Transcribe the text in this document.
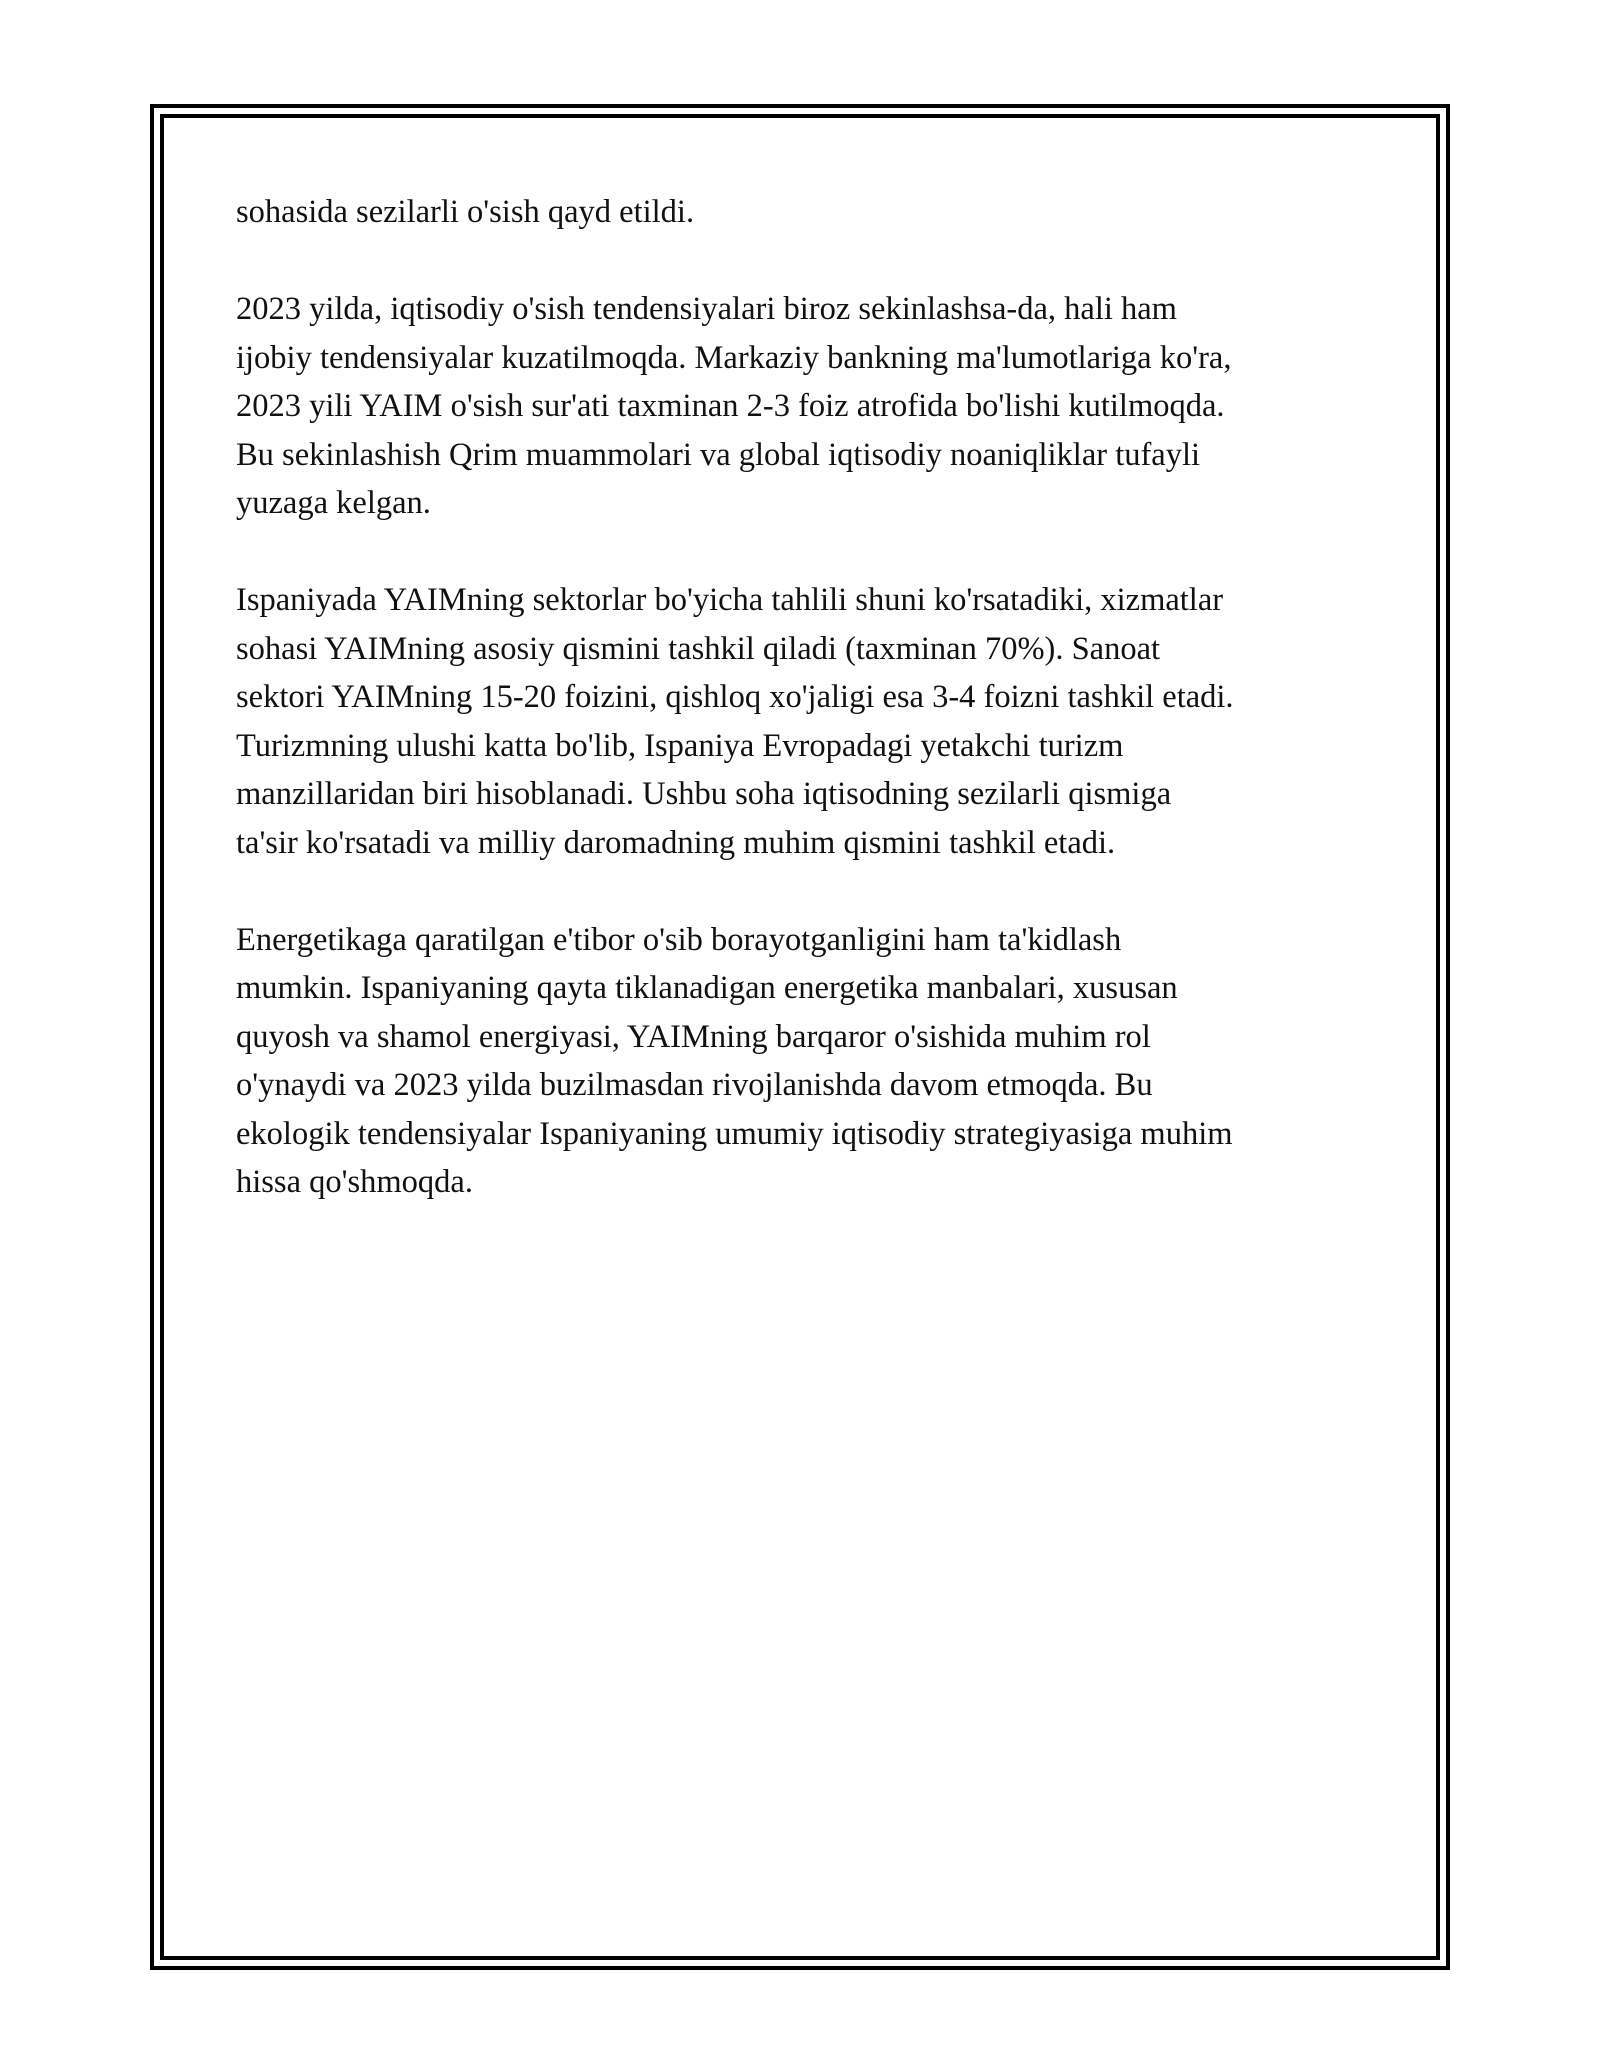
sohasida sezilarli o'sish qayd etildi.

2023 yilda, iqtisodiy o'sish tendensiyalari biroz sekinlashsa-da, hali ham
ijobiy tendensiyalar kuzatilmoqda. Markaziy bankning ma'lumotlariga ko'ra,
2023 yili YAIM o'sish sur'ati taxminan 2-3 foiz atrofida bo'lishi kutilmoqda.
Bu sekinlashish Qrim muammolari va global iqtisodiy noaniqliklar tufayli
yuzaga kelgan.

Ispaniyada YAIMning sektorlar bo'yicha tahlili shuni ko'rsatadiki, xizmatlar
sohasi YAIMning asosiy qismini tashkil qiladi (taxminan 70%). Sanoat
sektori YAIMning 15-20 foizini, qishloq xo'jaligi esa 3-4 foizni tashkil etadi.
Turizmning ulushi katta bo'lib, Ispaniya Evropadagi yetakchi turizm
manzillaridan biri hisoblanadi. Ushbu soha iqtisodning sezilarli qismiga
ta'sir ko'rsatadi va milliy daromadning muhim qismini tashkil etadi.

Energetikaga qaratilgan e'tibor o'sib borayotganligini ham ta'kidlash
mumkin. Ispaniyaning qayta tiklanadigan energetika manbalari, xususan
quyosh va shamol energiyasi, YAIMning barqaror o'sishida muhim rol
o'ynaydi va 2023 yilda buzilmasdan rivojlanishda davom etmoqda. Bu
ekologik tendensiyalar Ispaniyaning umumiy iqtisodiy strategiyasiga muhim
hissa qo'shmoqda.
